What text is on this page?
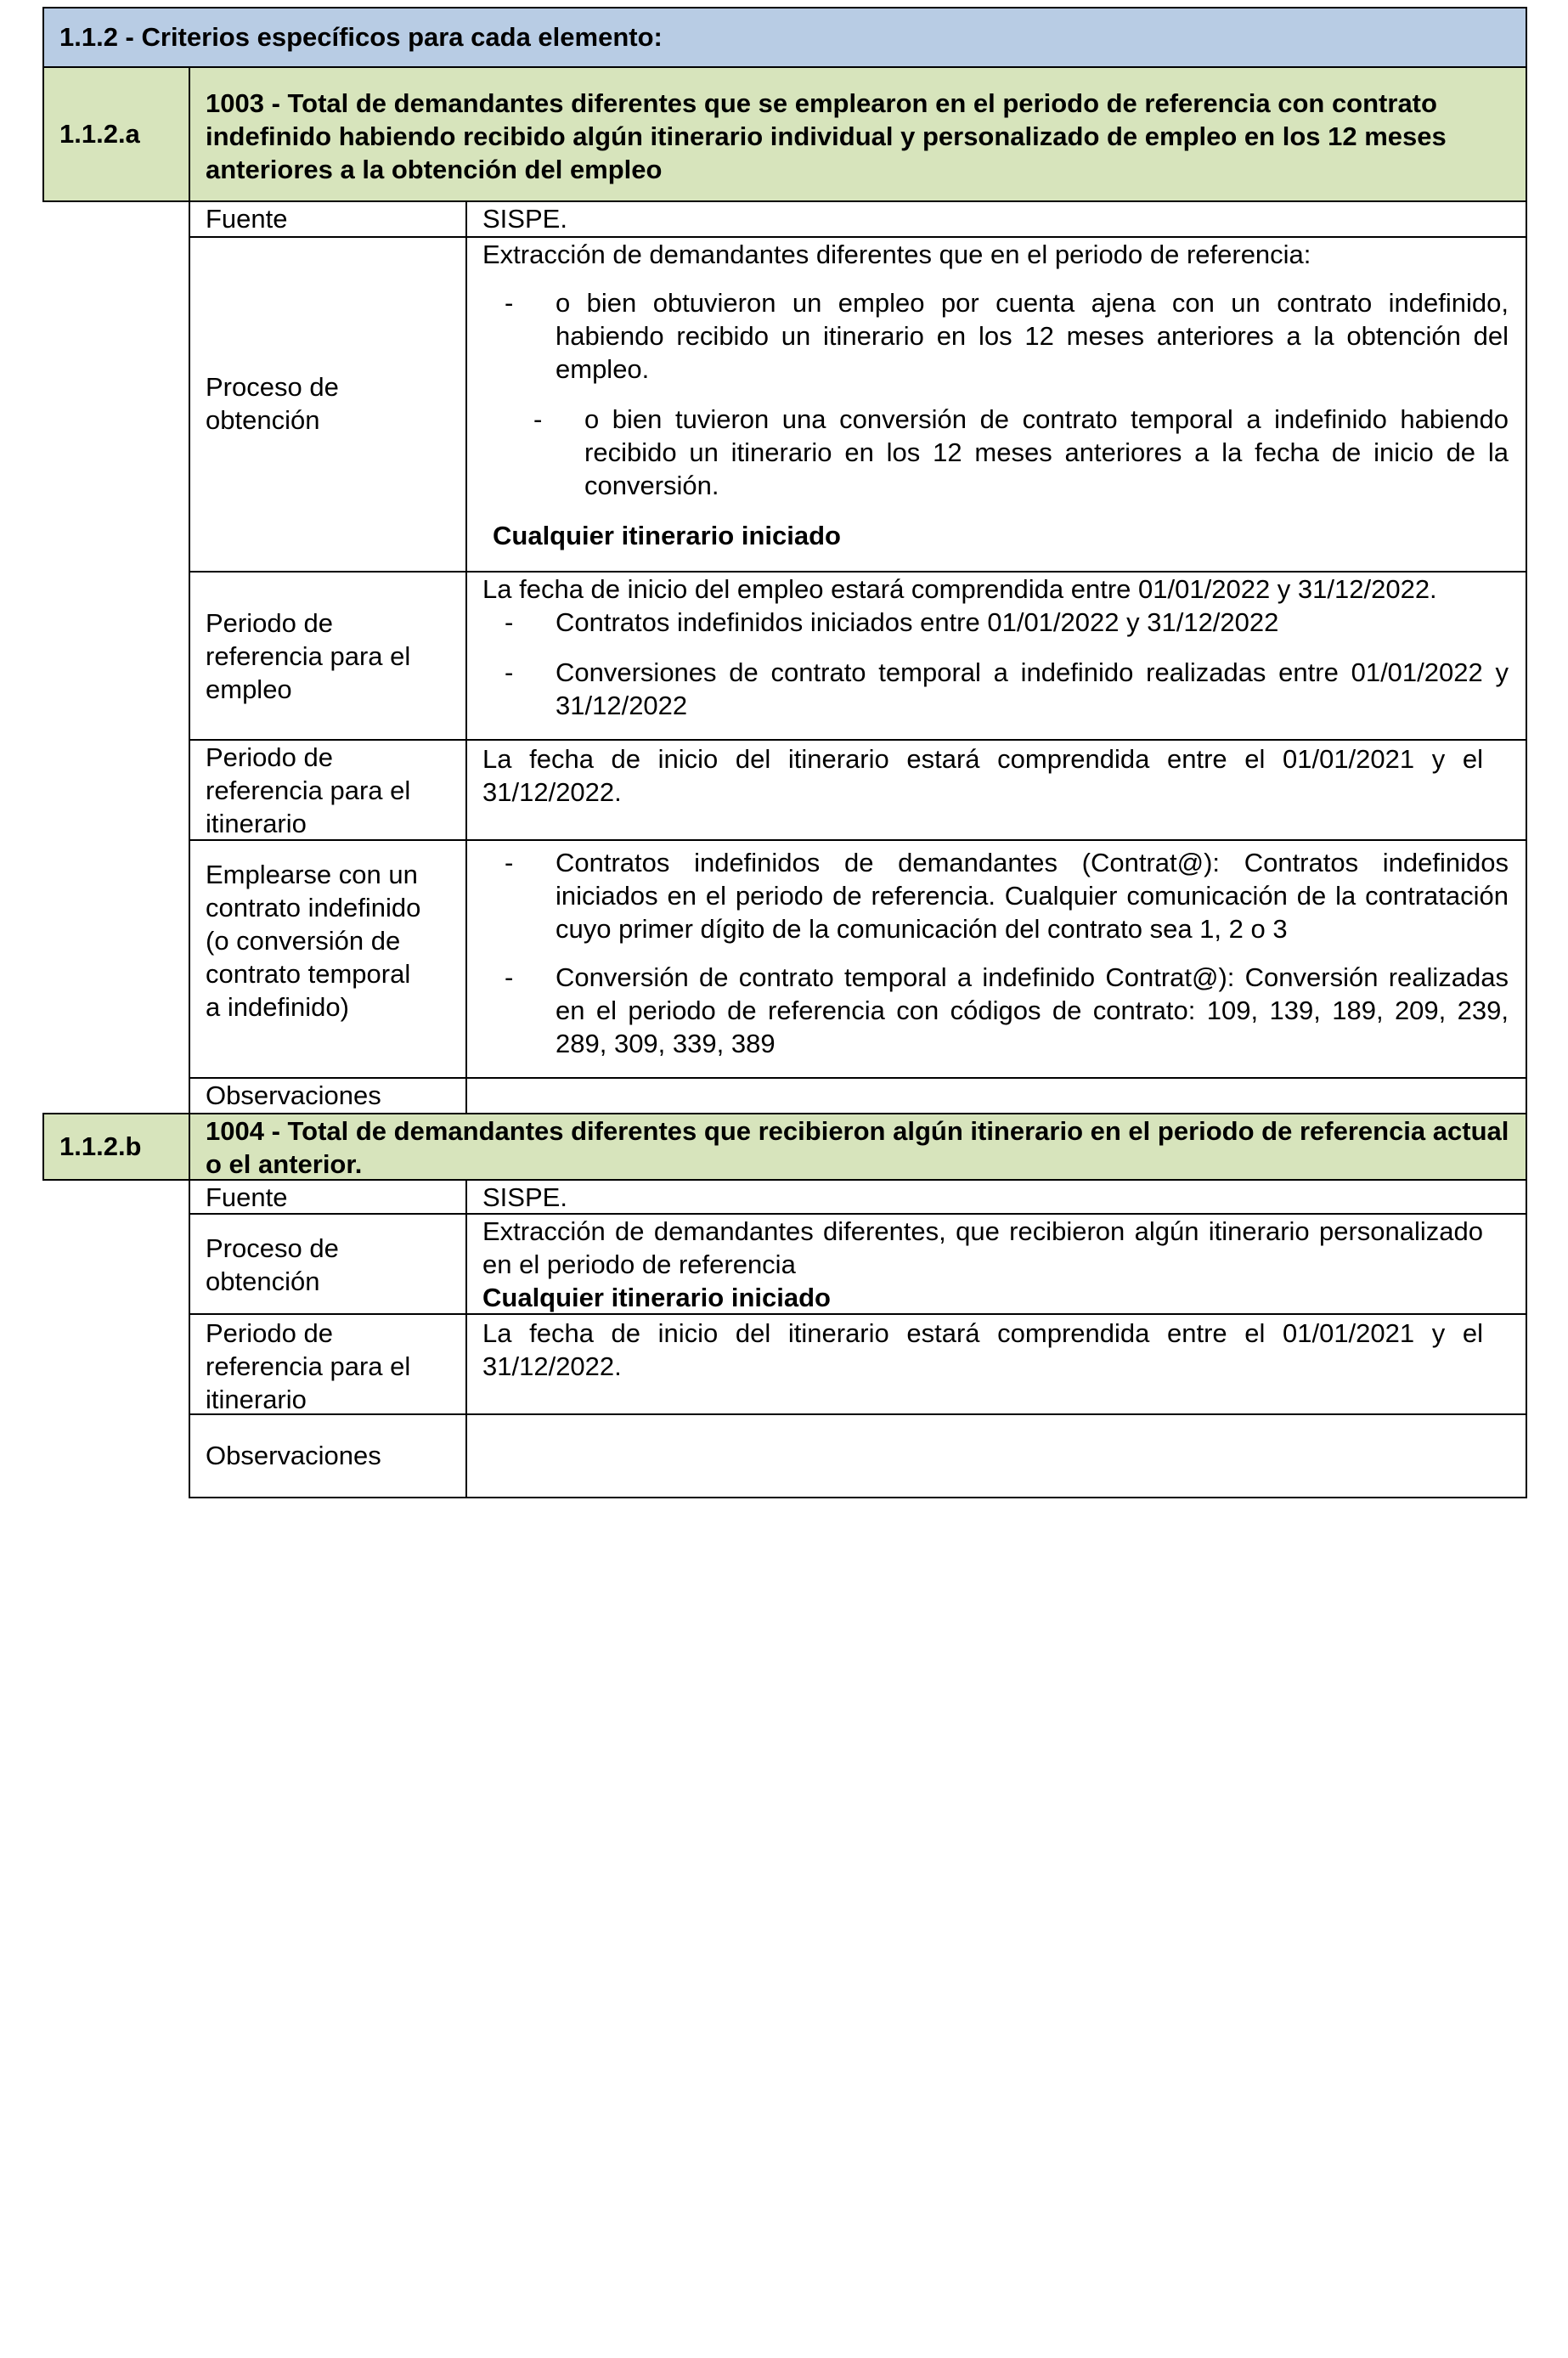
1.1.2 - Criterios específicos para cada elemento:
1.1.2.a
1003 - Total de demandantes diferentes que se emplearon en el periodo de referencia con contrato indefinido habiendo recibido algún itinerario individual y personalizado de empleo en los 12 meses anteriores a la obtención del empleo
Fuente	SISPE.
Proceso de obtención
Extracción de demandantes diferentes que en el periodo de referencia:
- o bien obtuvieron un empleo por cuenta ajena con un contrato indefinido, habiendo recibido un itinerario en los 12 meses anteriores a la obtención del empleo.
- o bien tuvieron una conversión de contrato temporal a indefinido habiendo recibido un itinerario en los 12 meses anteriores a la fecha de inicio de la conversión.
Cualquier itinerario iniciado
Periodo de referencia para el empleo
La fecha de inicio del empleo estará comprendida entre 01/01/2022 y 31/12/2022.
- Contratos indefinidos iniciados entre 01/01/2022 y 31/12/2022
- Conversiones de contrato temporal a indefinido realizadas entre 01/01/2022 y 31/12/2022
Periodo de referencia para el itinerario
La fecha de inicio del itinerario estará comprendida entre el 01/01/2021 y el 31/12/2022.
Emplearse con un contrato indefinido (o conversión de contrato temporal a indefinido)
- Contratos indefinidos de demandantes (Contrat@): Contratos indefinidos iniciados en el periodo de referencia. Cualquier comunicación de la contratación cuyo primer dígito de la comunicación del contrato sea 1, 2 o 3
- Conversión de contrato temporal a indefinido Contrat@): Conversión realizadas en el periodo de referencia con códigos de contrato: 109, 139, 189, 209, 239, 289, 309, 339, 389
Observaciones
1.1.2.b
1004 - Total de demandantes diferentes que recibieron algún itinerario en el periodo de referencia actual o el anterior.
Fuente	SISPE.
Proceso de obtención
Extracción de demandantes diferentes, que recibieron algún itinerario personalizado en el periodo de referencia
Cualquier itinerario iniciado
Periodo de referencia para el itinerario
La fecha de inicio del itinerario estará comprendida entre el 01/01/2021 y el 31/12/2022.
Observaciones
